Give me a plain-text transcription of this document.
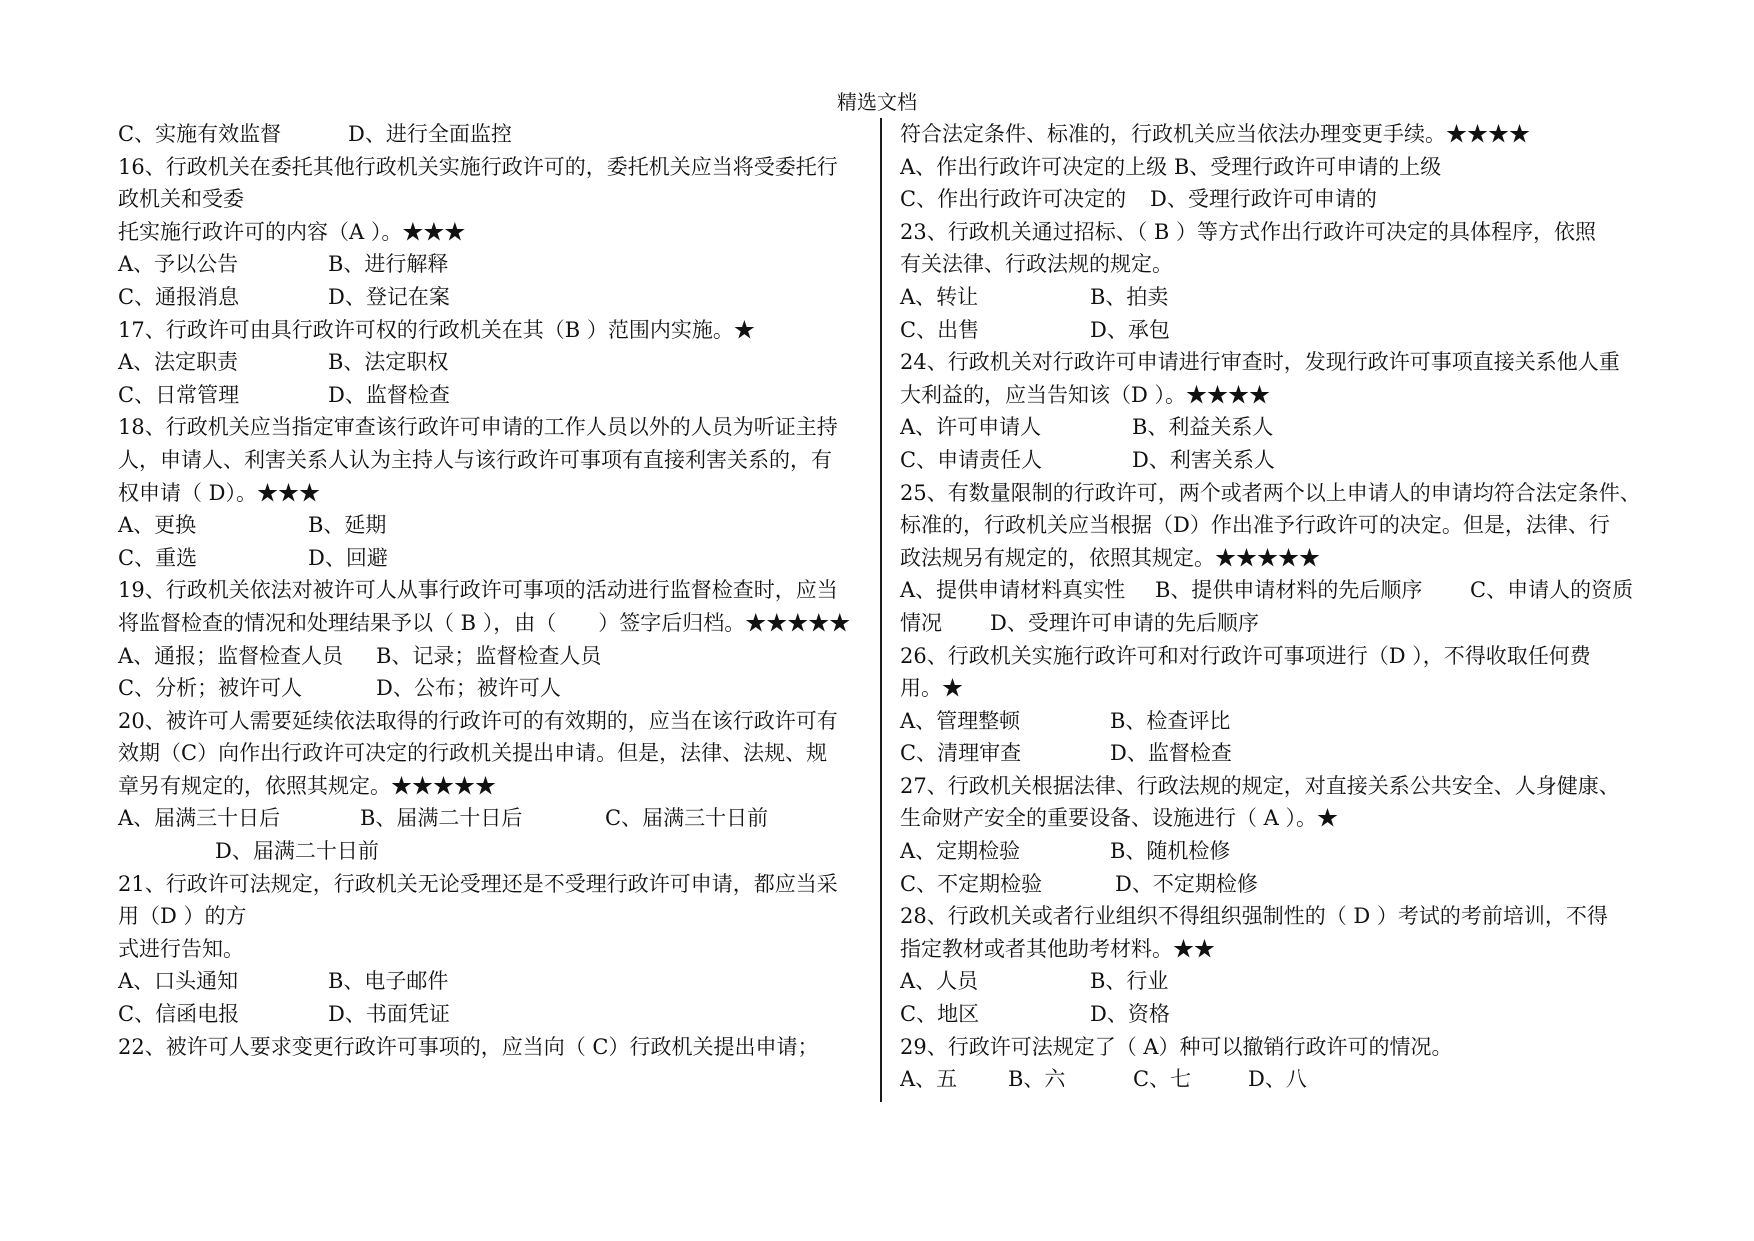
精选文档
C、实施有效监督	D、进行全面监控
16、行政机关在委托其他行政机关实施行政许可的，委托机关应当将受委托行
政机关和受委
托实施行政许可的内容（A ）。★★★
A、予以公告	B、进行解释
C、通报消息	D、登记在案
17、行政许可由具行政许可权的行政机关在其（B ）范围内实施。★
A、法定职责	B、法定职权
C、日常管理	D、监督检查
18、行政机关应当指定审查该行政许可申请的工作人员以外的人员为听证主持
人，申请人、利害关系人认为主持人与该行政许可事项有直接利害关系的，有
权申请（ D）。★★★
A、更换	B、延期
C、重选	D、回避
19、行政机关依法对被许可人从事行政许可事项的活动进行监督检查时，应当
将监督检查的情况和处理结果予以（ B ），由（　　）签字后归档。★★★★★
A、通报；监督检查人员 B、记录；监督检查人员
C、分析；被许可人	D、公布；被许可人
20、被许可人需要延续依法取得的行政许可的有效期的，应当在该行政许可有
效期（C）向作出行政许可决定的行政机关提出申请。但是，法律、法规、规
章另有规定的，依照其规定。★★★★★
A、届满三十日后	B、届满二十日后	C、届满三十日前
D、届满二十日前
21、行政许可法规定，行政机关无论受理还是不受理行政许可申请，都应当采
用（D ）的方
式进行告知。
A、口头通知	B、电子邮件
C、信函电报	D、书面凭证
22、被许可人要求变更行政许可事项的，应当向（ C）行政机关提出申请；
符合法定条件、标准的，行政机关应当依法办理变更手续。★★★★
A、作出行政许可决定的上级 B、受理行政许可申请的上级
C、作出行政许可决定的 D、受理行政许可申请的
23、行政机关通过招标、（ B ）等方式作出行政许可决定的具体程序，依照
有关法律、行政法规的规定。
A、转让	B、拍卖
C、出售	D、承包
24、行政机关对行政许可申请进行审查时，发现行政许可事项直接关系他人重
大利益的，应当告知该（D ）。★★★★
A、许可申请人	B、利益关系人
C、申请责任人	D、利害关系人
25、有数量限制的行政许可，两个或者两个以上申请人的申请均符合法定条件、
标准的，行政机关应当根据（D）作出准予行政许可的决定。但是，法律、行
政法规另有规定的，依照其规定。★★★★★
A、提供申请材料真实性 B、提供申请材料的先后顺序 C、申请人的资质
情况 D、受理许可申请的先后顺序
26、行政机关实施行政许可和对行政许可事项进行（D ），不得收取任何费
用。★
A、管理整顿	B、检查评比
C、清理审查	D、监督检查
27、行政机关根据法律、行政法规的规定，对直接关系公共安全、人身健康、
生命财产安全的重要设备、设施进行（ A ）。★
A、定期检验	B、随机检修
C、不定期检验	D、不定期检修
28、行政机关或者行业组织不得组织强制性的（ D ）考试的考前培训，不得
指定教材或者其他助考材料。★★
A、人员	B、行业
C、地区	D、资格
29、行政许可法规定了（ A）种可以撤销行政许可的情况。
A、五 B、六	C、七	D、八
